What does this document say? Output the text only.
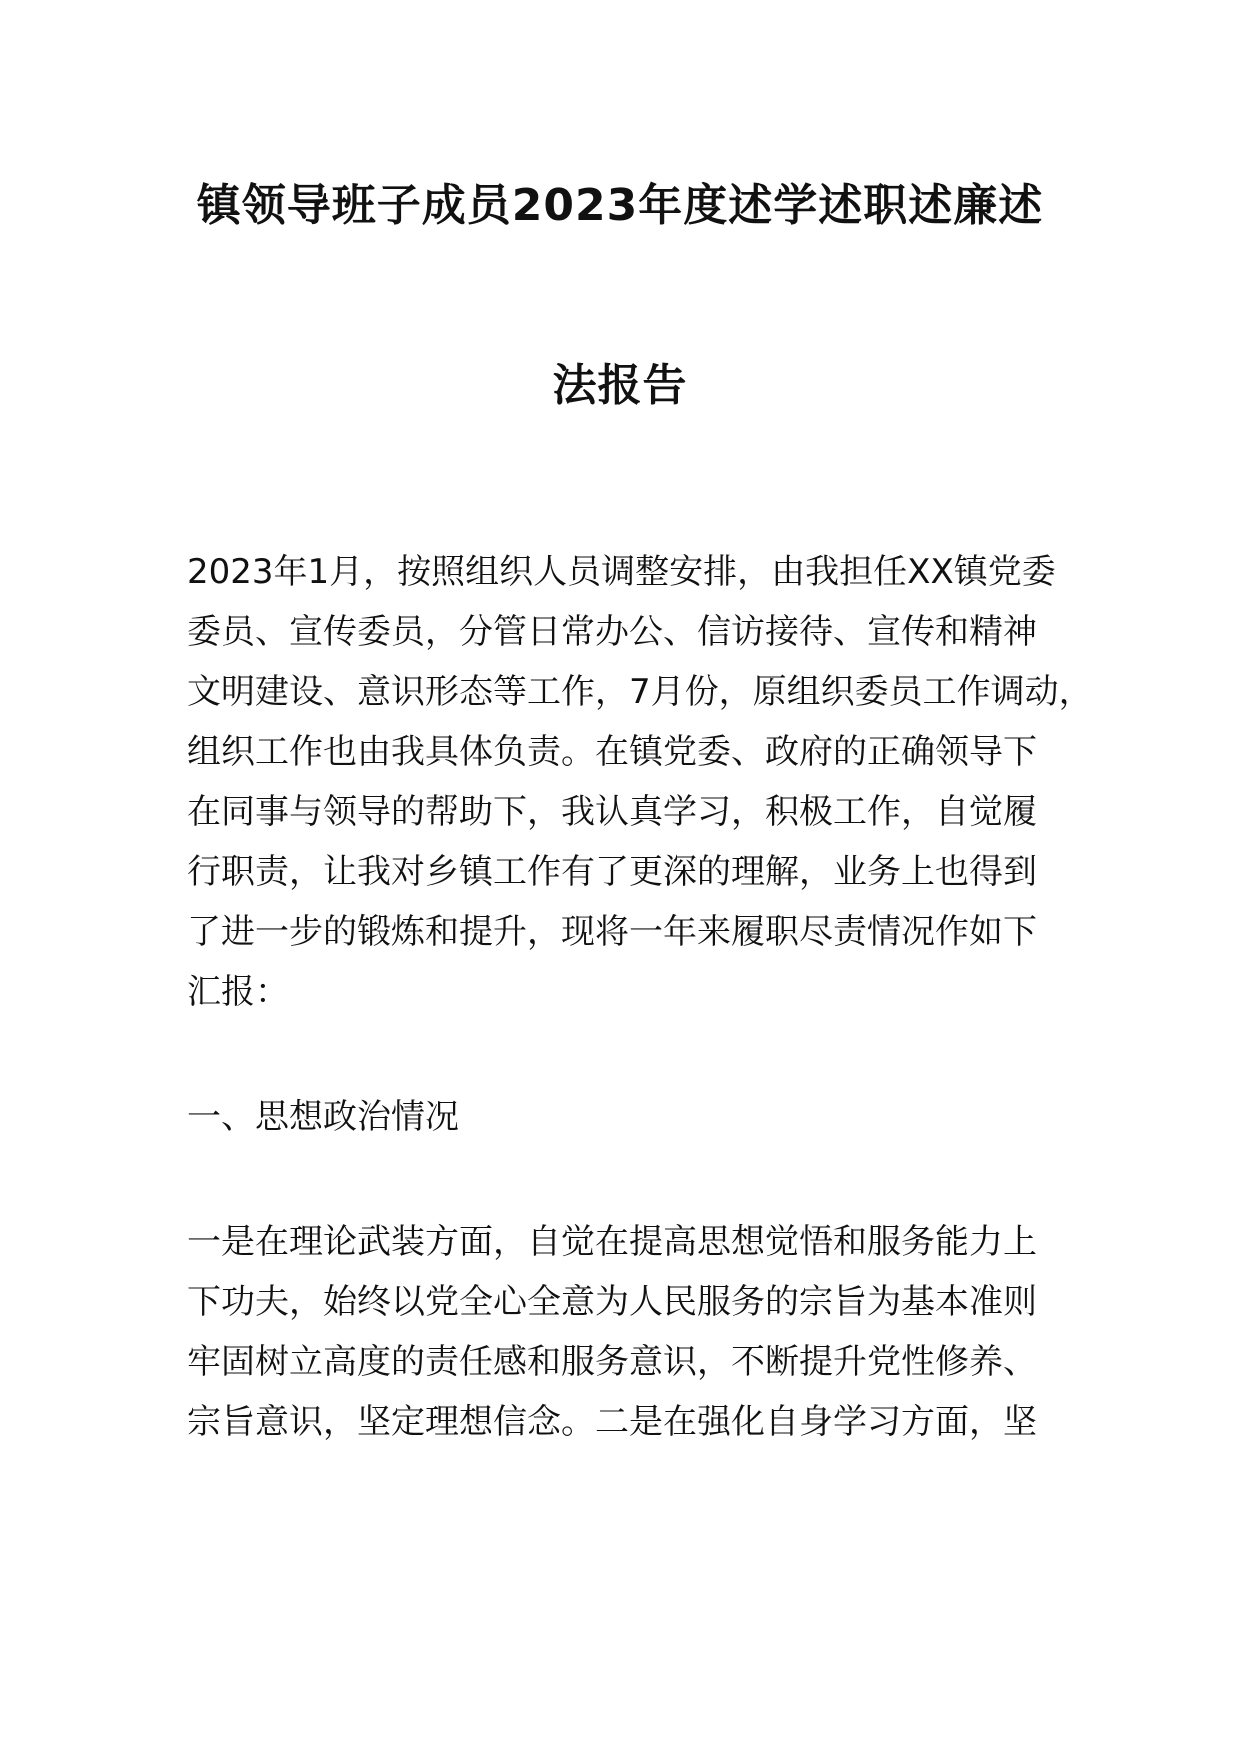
镇领导班子成员2023年度述学述职述廉述
法报告
2023年1月，按照组织人员调整安排，由我担任XX镇党委
委员、宣传委员，分管日常办公、信访接待、宣传和精神
文明建设、意识形态等工作，7月份，原组织委员工作调动，
组织工作也由我具体负责。在镇党委、政府的正确领导下
在同事与领导的帮助下，我认真学习，积极工作，自觉履
行职责，让我对乡镇工作有了更深的理解，业务上也得到
了进一步的锻炼和提升，现将一年来履职尽责情况作如下
汇报：
一、思想政治情况
一是在理论武装方面，自觉在提高思想觉悟和服务能力上
下功夫，始终以党全心全意为人民服务的宗旨为基本准则
牢固树立高度的责任感和服务意识，不断提升党性修养、
宗旨意识，坚定理想信念。二是在强化自身学习方面，坚
